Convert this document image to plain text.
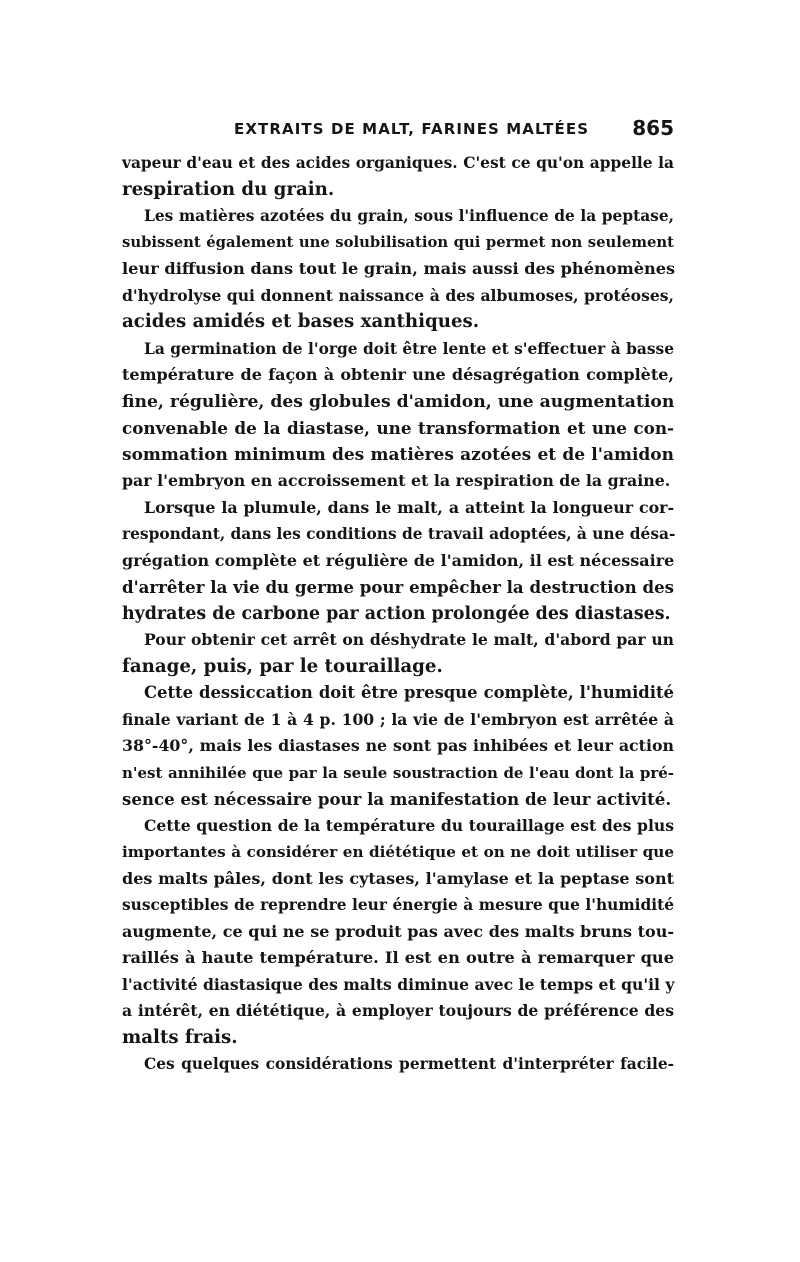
EXTRAITS DE MALT, FARINES MALTÉES 865
vapeur d'eau et des acides organiques. C'est ce qu'on appelle la
respiration du grain.
Les matières azotées du grain, sous l'influence de la peptase,
subissent également une solubilisation qui permet non seulement
leur diffusion dans tout le grain, mais aussi des phénomènes
d'hydrolyse qui donnent naissance à des albumoses, protéoses,
acides amidés et bases xanthiques.
La germination de l'orge doit être lente et s'effectuer à basse
température de façon à obtenir une désagrégation complète,
fine, régulière, des globules d'amidon, une augmentation
convenable de la diastase, une transformation et une con-
sommation minimum des matières azotées et de l'amidon
par l'embryon en accroissement et la respiration de la graine.
Lorsque la plumule, dans le malt, a atteint la longueur cor-
respondant, dans les conditions de travail adoptées, à une désa-
grégation complète et régulière de l'amidon, il est nécessaire
d'arrêter la vie du germe pour empêcher la destruction des
hydrates de carbone par action prolongée des diastases.
Pour obtenir cet arrêt on déshydrate le malt, d'abord par un
fanage, puis, par le touraillage.
Cette dessiccation doit être presque complète, l'humidité
finale variant de 1 à 4 p. 100 ; la vie de l'embryon est arrêtée à
38°-40°, mais les diastases ne sont pas inhibées et leur action
n'est annihilée que par la seule soustraction de l'eau dont la pré-
sence est nécessaire pour la manifestation de leur activité.
Cette question de la température du touraillage est des plus
importantes à considérer en diététique et on ne doit utiliser que
des malts pâles, dont les cytases, l'amylase et la peptase sont
susceptibles de reprendre leur énergie à mesure que l'humidité
augmente, ce qui ne se produit pas avec des malts bruns tou-
raillés à haute température. Il est en outre à remarquer que
l'activité diastasique des malts diminue avec le temps et qu'il y
a intérêt, en diététique, à employer toujours de préférence des
malts frais.
Ces quelques considérations permettent d'interpréter facile-
